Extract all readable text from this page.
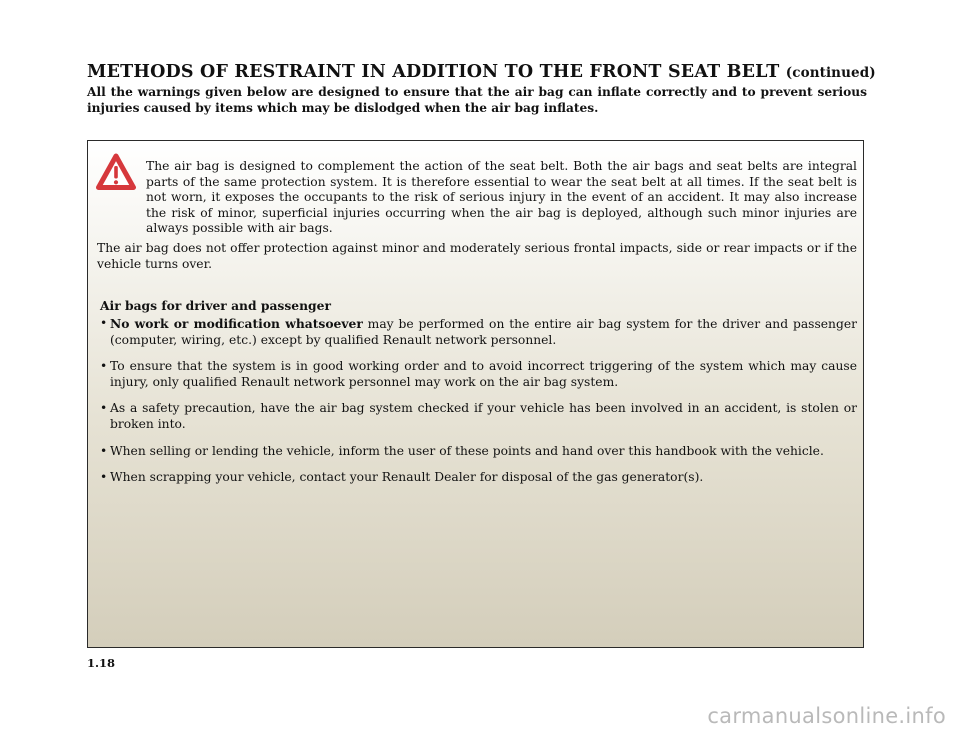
METHODS OF RESTRAINT IN ADDITION TO THE FRONT SEAT BELT (continued)

All the warnings given below are designed to ensure that the air bag can inflate correctly and to prevent serious injuries caused by items which may be dislodged when the air bag inflates.

The air bag is designed to complement the action of the seat belt. Both the air bags and seat belts are integral parts of the same protection system. It is therefore essential to wear the seat belt at all times. If the seat belt is not worn, it exposes the occupants to the risk of serious injury in the event of an accident. It may also increase the risk of minor, superficial injuries occurring when the air bag is deployed, although such minor injuries are always possible with air bags.

The air bag does not offer protection against minor and moderately serious frontal impacts, side or rear impacts or if the vehicle turns over.

Air bags for driver and passenger

• No work or modification whatsoever may be performed on the entire air bag system for the driver and passenger (computer, wiring, etc.) except by qualified Renault network personnel.
• To ensure that the system is in good working order and to avoid incorrect triggering of the system which may cause injury, only qualified Renault network personnel may work on the air bag system.
• As a safety precaution, have the air bag system checked if your vehicle has been involved in an accident, is stolen or broken into.
• When selling or lending the vehicle, inform the user of these points and hand over this handbook with the vehicle.
• When scrapping your vehicle, contact your Renault Dealer for disposal of the gas generator(s).

1.18

carmanualsonline.info
